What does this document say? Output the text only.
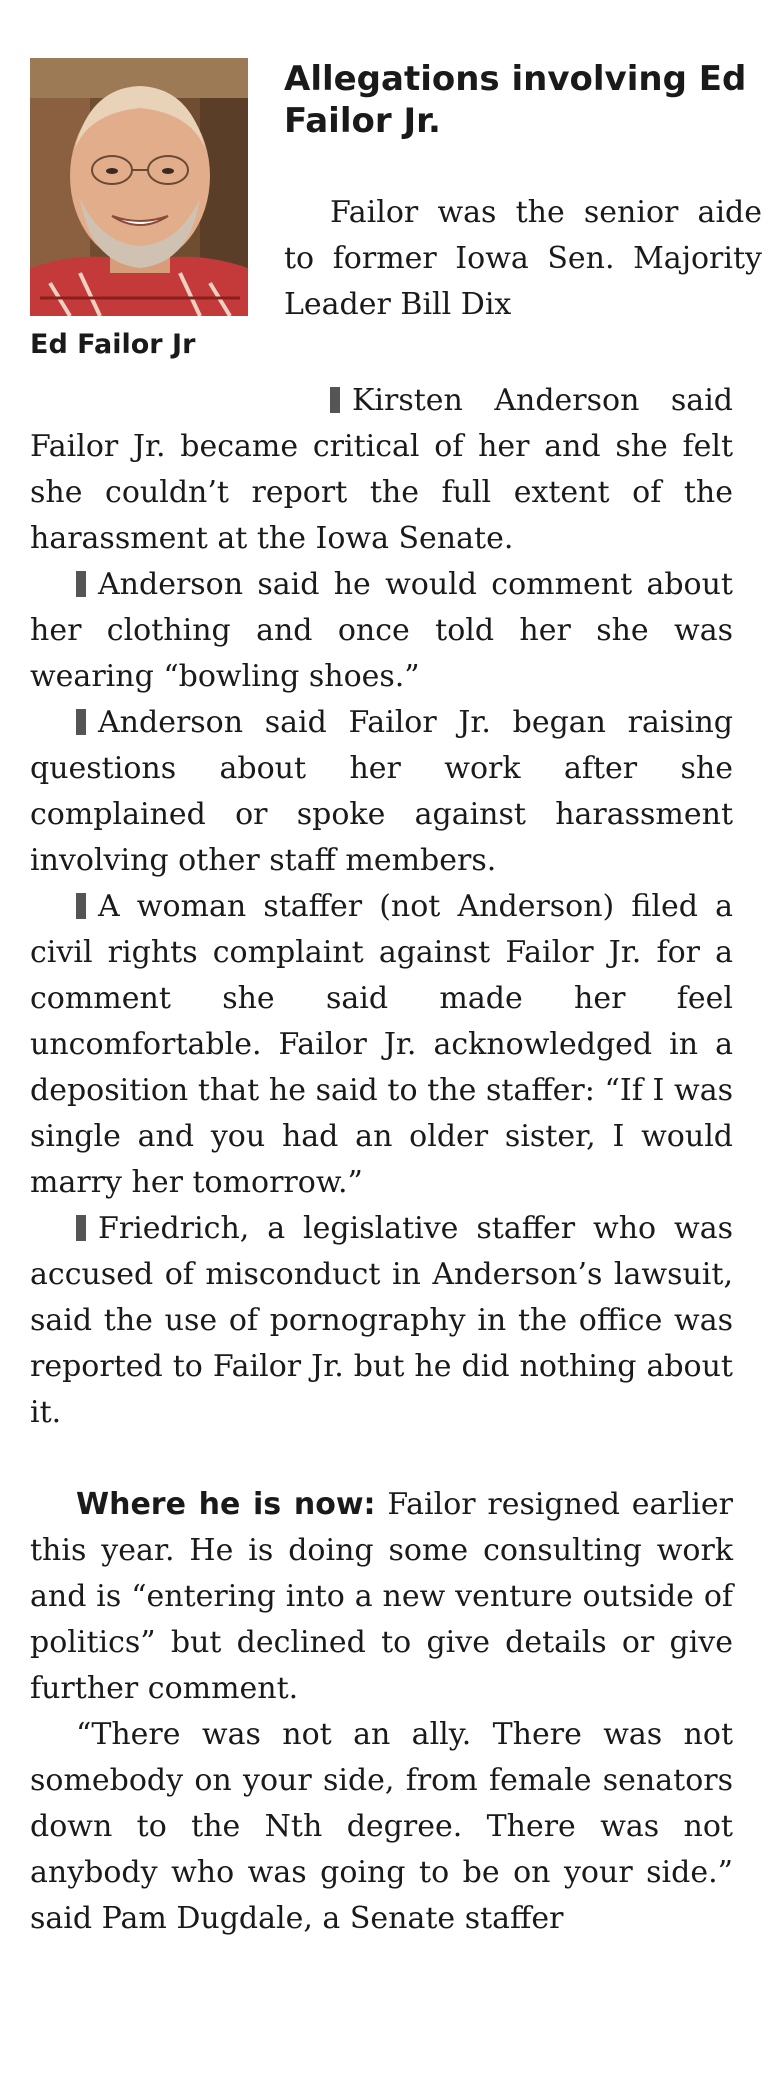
Allegations involving Ed Failor Jr.

Failor was the senior aide to former Iowa Sen. Majority Leader Bill Dix

Ed Failor Jr

Kirsten Anderson said Failor Jr. became critical of her and she felt she couldn’t report the full extent of the harassment at the Iowa Senate.

Anderson said he would comment about her clothing and once told her she was wearing “bowling shoes.”

Anderson said Failor Jr. began raising questions about her work after she complained or spoke against harassment involving other staff members.

A woman staffer (not Anderson) filed a civil rights complaint against Failor Jr. for a comment she said made her feel uncomfortable. Failor Jr. acknowledged in a deposition that he said to the staffer: “If I was single and you had an older sister, I would marry her tomorrow.”

Friedrich, a legislative staffer who was accused of misconduct in Anderson’s lawsuit, said the use of pornography in the office was reported to Failor Jr. but he did nothing about it.

Where he is now: Failor resigned earlier this year. He is doing some consulting work and is “entering into a new venture outside of politics” but declined to give details or give further comment.

“There was not an ally. There was not somebody on your side, from female senators down to the Nth degree. There was not anybody who was going to be on your side.” said Pam Dugdale, a Senate staffer
